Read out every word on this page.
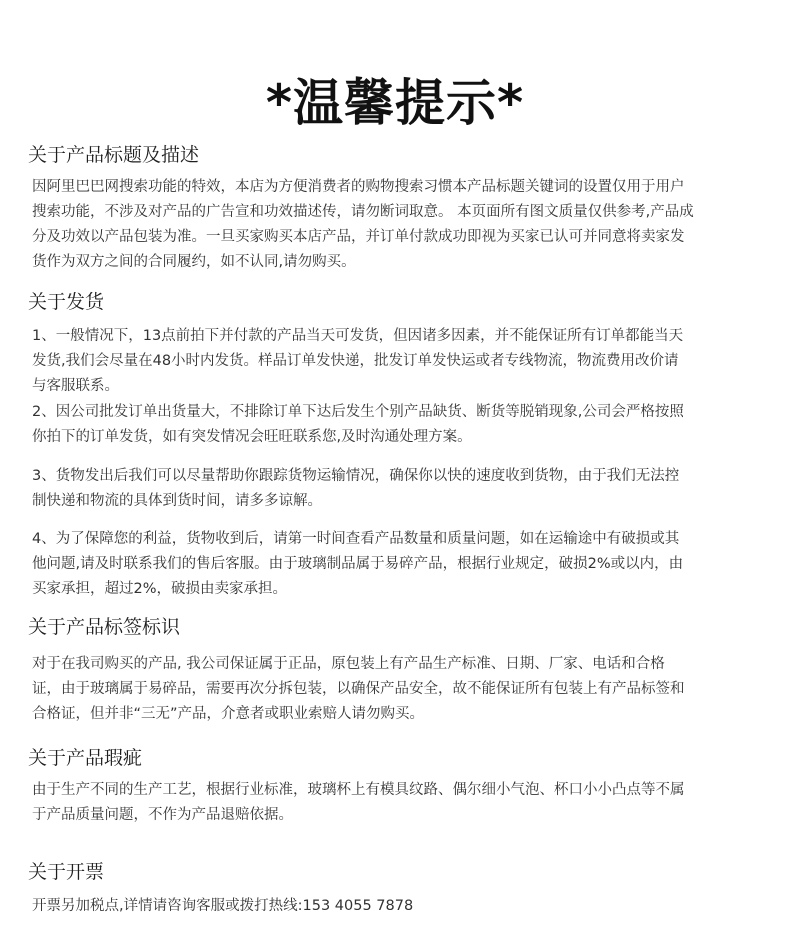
*温馨提示*
关于产品标题及描述
因阿里巴巴网搜索功能的特效，本店为方便消费者的购物搜索习惯本产品标题关键词的设置仅用于用户
搜索功能，不涉及对产品的广告宣和功效描述传，请勿断词取意。 本页面所有图文质量仅供参考,产品成
分及功效以产品包装为准。一旦买家购买本店产品，并订单付款成功即视为买家已认可并同意将卖家发
货作为双方之间的合同履约，如不认同,请勿购买。
关于发货
1、一般情况下，13点前拍下并付款的产品当天可发货，但因诸多因素，并不能保证所有订单都能当天
发货,我们会尽量在48小时内发货。样品订单发快递，批发订单发快运或者专线物流，物流费用改价请
与客服联系。
2、因公司批发订单出货量大，不排除订单下达后发生个别产品缺货、断货等脱销现象,公司会严格按照
你拍下的订单发货，如有突发情况会旺旺联系您,及时沟通处理方案。
3、货物发出后我们可以尽量帮助你跟踪货物运输情况，确保你以快的速度收到货物，由于我们无法控
制快递和物流的具体到货时间，请多多谅解。
4、为了保障您的利益，货物收到后，请第一时间查看产品数量和质量问题，如在运输途中有破损或其
他问题,请及时联系我们的售后客服。由于玻璃制品属于易碎产品，根据行业规定，破损2%或以内，由
买家承担，超过2%，破损由卖家承担。
关于产品标签标识
对于在我司购买的产品, 我公司保证属于正品，原包装上有产品生产标准、日期、厂家、电话和合格
证，由于玻璃属于易碎品，需要再次分拆包装，以确保产品安全，故不能保证所有包装上有产品标签和
合格证，但并非“三无”产品，介意者或职业索赔人请勿购买。
关于产品瑕疵
由于生产不同的生产工艺，根据行业标准，玻璃杯上有模具纹路、偶尔细小气泡、杯口小小凸点等不属
于产品质量问题，不作为产品退赔依据。
关于开票
开票另加税点,详情请咨询客服或拨打热线:153 4055 7878
